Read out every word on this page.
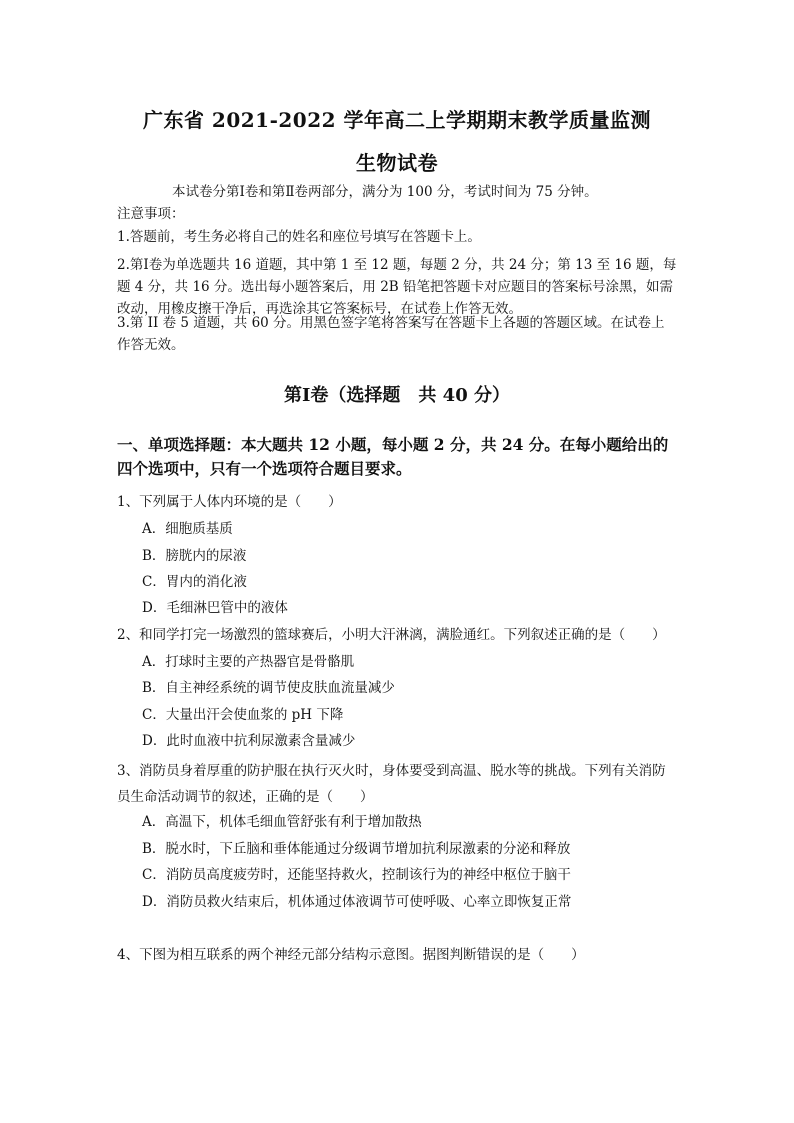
广东省 2021-2022 学年高二上学期期末教学质量监测
生物试卷
本试卷分第Ⅰ卷和第Ⅱ卷两部分，满分为 100 分，考试时间为 75 分钟。
注意事项：
1.答题前，考生务必将自己的姓名和座位号填写在答题卡上。
2.第Ⅰ卷为单选题共 16 道题，其中第 1 至 12 题，每题 2 分，共 24 分；第 13 至 16 题，每题 4 分，共 16 分。选出每小题答案后，用 2B 铅笔把答题卡对应题目的答案标号涂黑，如需改动，用橡皮擦干净后，再选涂其它答案标号，在试卷上作答无效。
3.第 II 卷 5 道题，共 60 分。用黑色签字笔将答案写在答题卡上各题的答题区域。在试卷上作答无效。
第Ⅰ卷（选择题　共 40 分）
一、单项选择题：本大题共 12 小题，每小题 2 分，共 24 分。在每小题给出的四个选项中，只有一个选项符合题目要求。
1、下列属于人体内环境的是（　　）
A．细胞质基质
B．膀胱内的尿液
C．胃内的消化液
D．毛细淋巴管中的液体
2、和同学打完一场激烈的篮球赛后，小明大汗淋漓，满脸通红。下列叙述正确的是（　　）
A．打球时主要的产热器官是骨骼肌
B．自主神经系统的调节使皮肤血流量减少
C．大量出汗会使血浆的 pH 下降
D．此时血液中抗利尿激素含量减少
3、消防员身着厚重的防护服在执行灭火时，身体要受到高温、脱水等的挑战。下列有关消防员生命活动调节的叙述，正确的是（　　）
A．高温下，机体毛细血管舒张有利于增加散热
B．脱水时，下丘脑和垂体能通过分级调节增加抗利尿激素的分泌和释放
C．消防员高度疲劳时，还能坚持救火，控制该行为的神经中枢位于脑干
D．消防员救火结束后，机体通过体液调节可使呼吸、心率立即恢复正常
4、下图为相互联系的两个神经元部分结构示意图。据图判断错误的是（　　）
